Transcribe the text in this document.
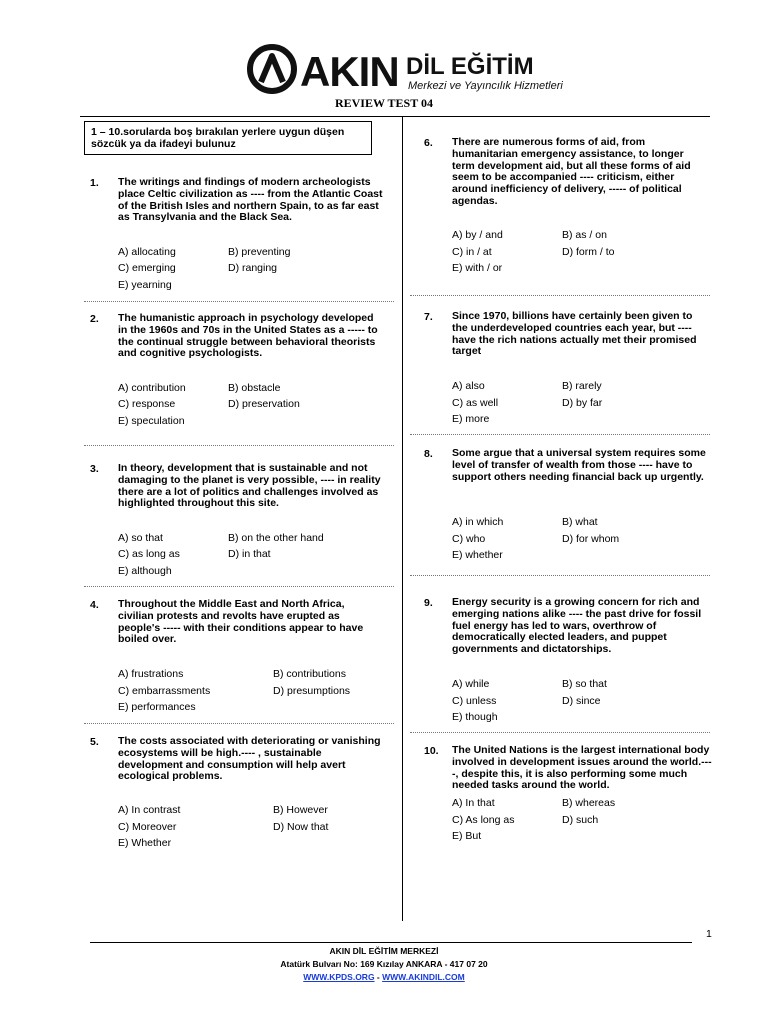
AKIN DİL EĞİTİM
Merkezi ve Yayıncılık Hizmetleri
REVIEW TEST 04
1 – 10.sorularda boş bırakılan yerlere uygun düşen sözcük ya da ifadeyi bulunuz
1. The writings and findings of modern archeologists place Celtic civilization as ---- from the Atlantic Coast of the British Isles and northern Spain, to as far east as Transylvania and the Black Sea.
A) allocating	B) preventing
C) emerging	D) ranging
E) yearning
2. The humanistic approach in psychology developed in the 1960s and 70s in the United States as a ----- to the continual struggle between behavioral theorists and cognitive psychologists.
A) contribution	B) obstacle
C) response	D) preservation
E) speculation
3. In theory, development that is sustainable and not damaging to the planet is very possible, ---- in reality there are a lot of politics and challenges involved as highlighted throughout this site.
A) so that	B) on the other hand
C) as long as	D) in that
E) although
4. Throughout the Middle East and North Africa, civilian protests and revolts have erupted as people's ----- with their conditions appear to have boiled over.
A) frustrations	B) contributions
C) embarrassments	D) presumptions
E) performances
5. The costs associated with deteriorating or vanishing ecosystems will be high.---- , sustainable development and consumption will help avert ecological problems.
A) In contrast	B) However
C) Moreover	D) Now that
E) Whether
6. There are numerous forms of aid, from humanitarian emergency assistance, to longer term development aid, but all these forms of aid seem to be accompanied ---- criticism, either around inefficiency of delivery, ----- of political agendas.
A) by / and	B) as / on
C) in / at	D) form / to
E) with / or
7. Since 1970, billions have certainly been given to the underdeveloped countries each year, but ---- have the rich nations actually met their promised target
A) also	B) rarely
C) as well	D) by far
E) more
8. Some argue that a universal system requires some level of transfer of wealth from those ---- have to support others needing financial back up urgently.
A) in which	B) what
C) who	D) for whom
E) whether
9. Energy security is a growing concern for rich and emerging nations alike ---- the past drive for fossil fuel energy has led to wars, overthrow of democratically elected leaders, and puppet governments and dictatorships.
A) while	B) so that
C) unless	D) since
E) though
10. The United Nations is the largest international body involved in development issues around the world.----, despite this, it is also performing some much needed tasks around the world.
A) In that	B) whereas
C) As long as	D) such
E) But
1
AKIN DİL EĞİTİM MERKEZİ
Atatürk Bulvarı No: 169 Kızılay ANKARA - 417 07 20
WWW.KPDS.ORG - WWW.AKINDIL.COM
